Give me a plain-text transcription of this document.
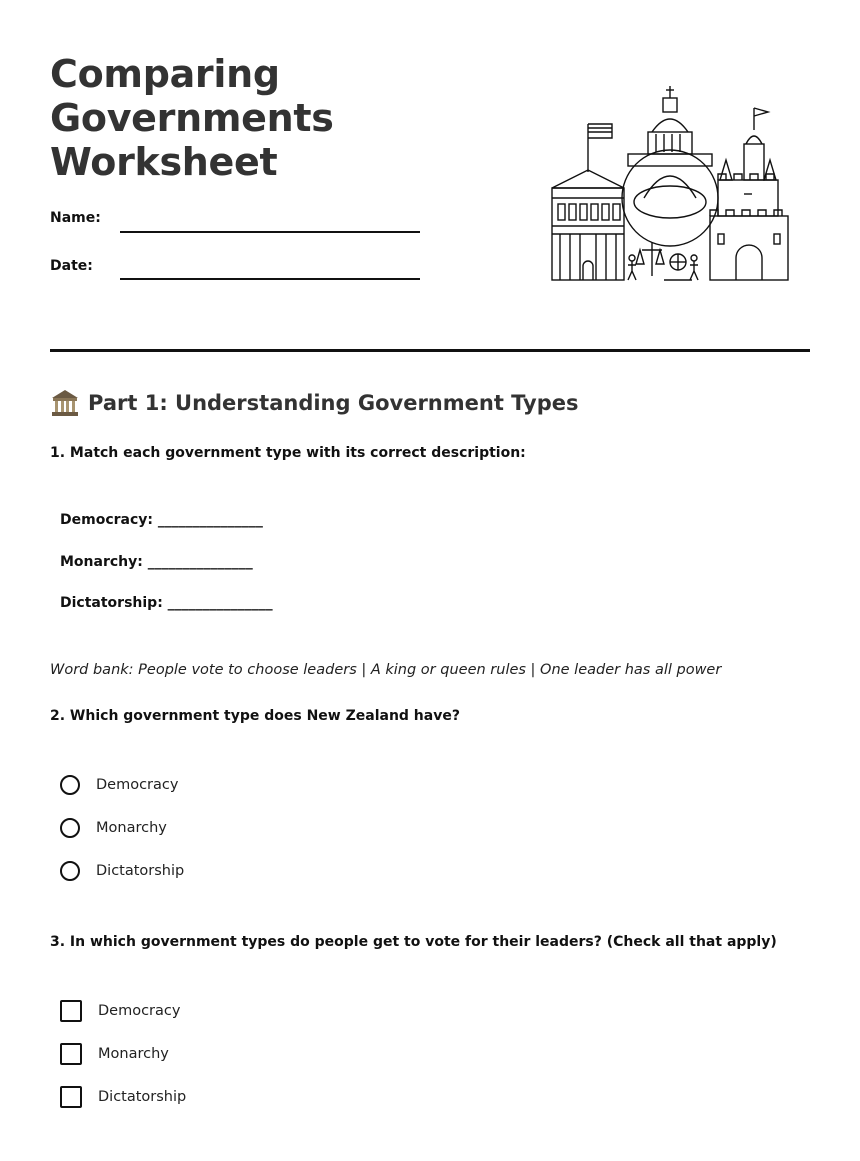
Comparing
Governments
Worksheet
Name:
Date:
Part 1: Understanding Government Types
1. Match each government type with its correct description:
Democracy: _______________
Monarchy: _______________
Dictatorship: _______________
Word bank: People vote to choose leaders | A king or queen rules | One leader has all power
2. Which government type does New Zealand have?
Democracy
Monarchy
Dictatorship
3. In which government types do people get to vote for their leaders? (Check all that apply)
Democracy
Monarchy
Dictatorship
